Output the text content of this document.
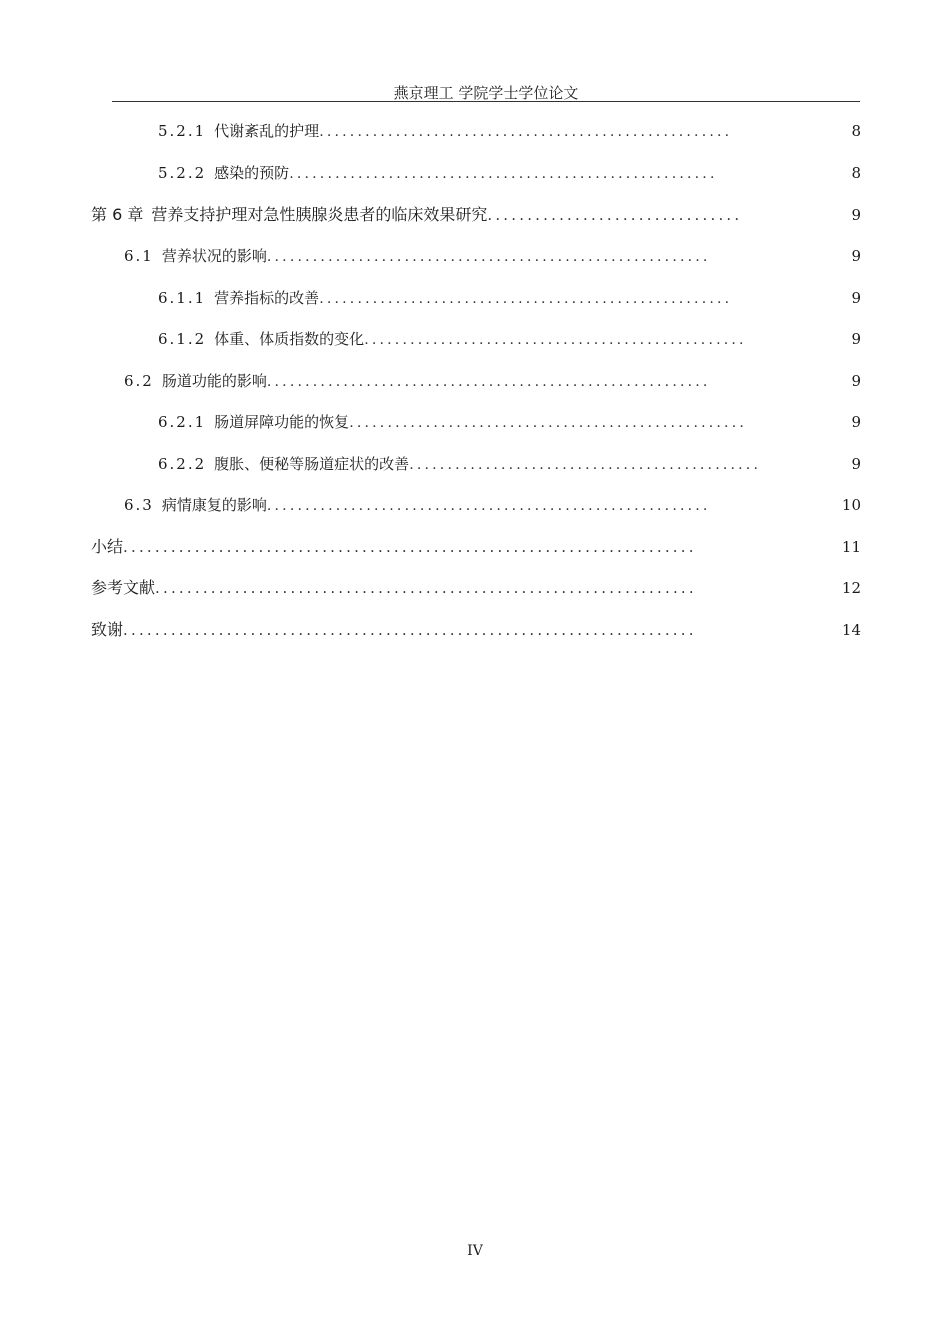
燕京理工 学院学士学位论文
5.2.1 代谢紊乱的护理 ......................................................	8
5.2.2 感染的预防 ........................................................	8
第 6 章 营养支持护理对急性胰腺炎患者的临床效果研究 ................................	9
6.1 营养状况的影响 ..........................................................	9
6.1.1 营养指标的改善 ......................................................	9
6.1.2 体重、体质指数的变化 ..................................................	9
6.2 肠道功能的影响 ..........................................................	9
6.2.1 肠道屏障功能的恢复 ....................................................	9
6.2.2 腹胀、便秘等肠道症状的改善 ..............................................	9
6.3 病情康复的影响 ..........................................................	10
小结 ........................................................................	11
参考文献 ....................................................................	12
致谢 ........................................................................	14
IV
